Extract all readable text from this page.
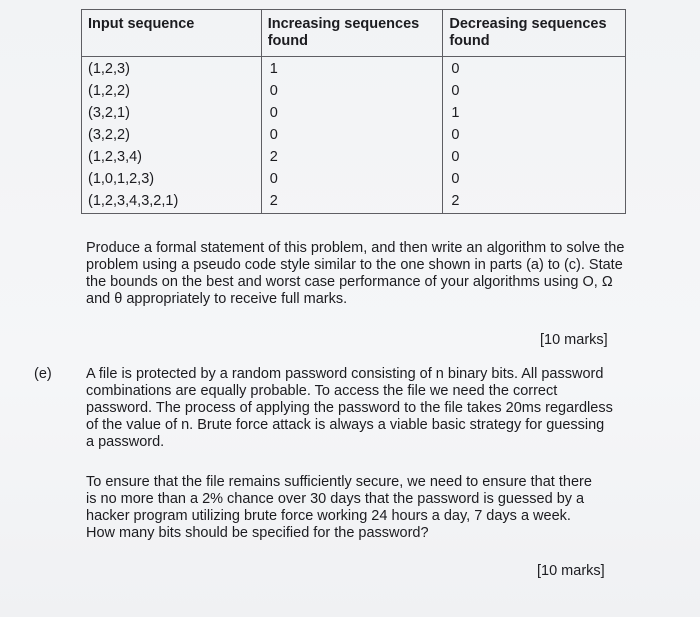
Input sequence	Increasing sequences found	Decreasing sequences found
(1,2,3)	1	0
(1,2,2)	0	0
(3,2,1)	0	1
(3,2,2)	0	0
(1,2,3,4)	2	0
(1,0,1,2,3)	0	0
(1,2,3,4,3,2,1)	2	2

Produce a formal statement of this problem, and then write an algorithm to solve the problem using a pseudo code style similar to the one shown in parts (a) to (c). State the bounds on the best and worst case performance of your algorithms using O, Ω and θ appropriately to receive full marks.

[10 marks]
(e) A file is protected by a random password consisting of n binary bits. All password combinations are equally probable. To access the file we need the correct password. The process of applying the password to the file takes 20ms regardless of the value of n. Brute force attack is always a viable basic strategy for guessing a password.

To ensure that the file remains sufficiently secure, we need to ensure that there is no more than a 2% chance over 30 days that the password is guessed by a hacker program utilizing brute force working 24 hours a day, 7 days a week. How many bits should be specified for the password?

[10 marks]
